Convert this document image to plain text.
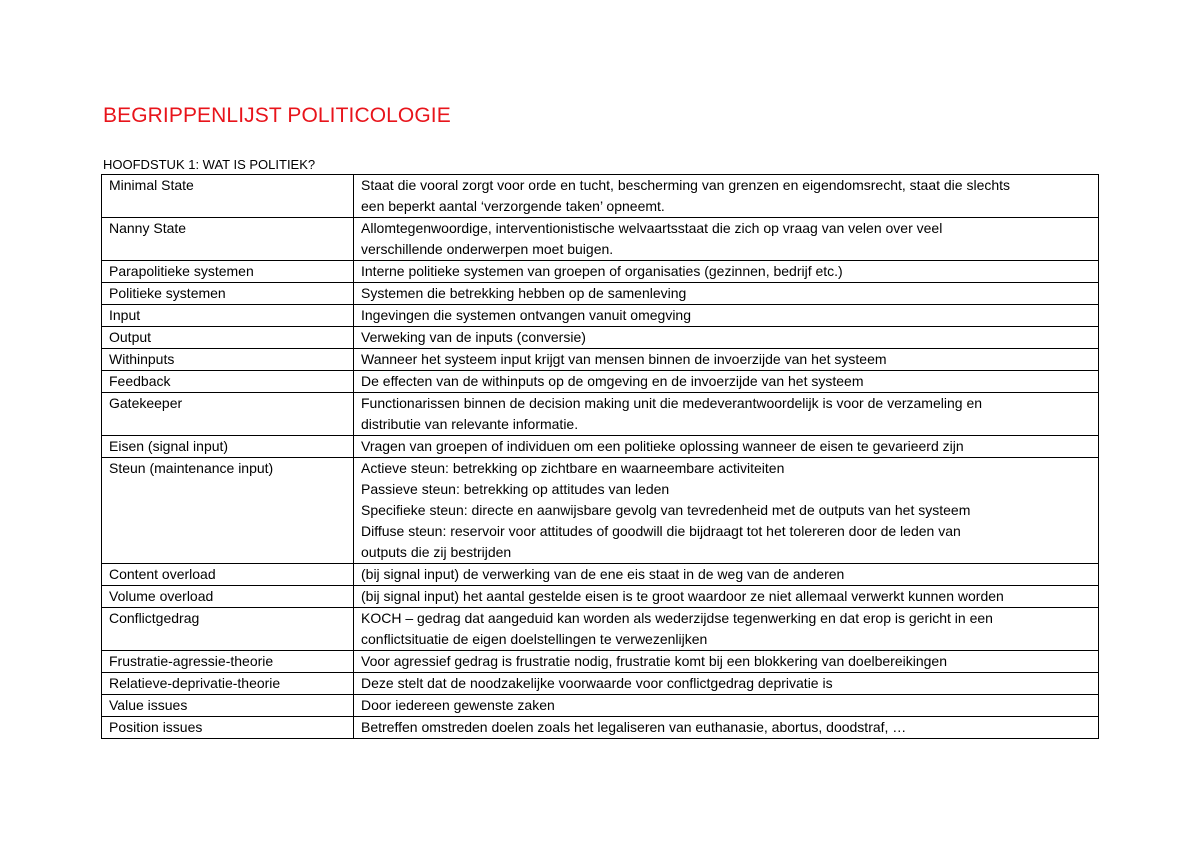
BEGRIPPENLIJST POLITICOLOGIE
HOOFDSTUK 1: WAT IS POLITIEK?
Minimal State	Staat die vooral zorgt voor orde en tucht, bescherming van grenzen en eigendomsrecht, staat die slechts
een beperkt aantal ‘verzorgende taken’ opneemt.

Nanny State	Allomtegenwoordige, interventionistische welvaartsstaat die zich op vraag van velen over veel
verschillende onderwerpen moet buigen.

Parapolitieke systemen	Interne politieke systemen van groepen of organisaties (gezinnen, bedrijf etc.)

Politieke systemen	Systemen die betrekking hebben op de samenleving

Input	Ingevingen die systemen ontvangen vanuit omegving

Output	Verweking van de inputs (conversie)

Withinputs	Wanneer het systeem input krijgt van mensen binnen de invoerzijde van het systeem

Feedback	De effecten van de withinputs op de omgeving en de invoerzijde van het systeem

Gatekeeper	Functionarissen binnen de decision making unit die medeverantwoordelijk is voor de verzameling en
distributie van relevante informatie.

Eisen (signal input)	Vragen van groepen of individuen om een politieke oplossing wanneer de eisen te gevarieerd zijn

Steun (maintenance input)	Actieve steun: betrekking op zichtbare en waarneembare activiteiten
Passieve steun: betrekking op attitudes van leden
Specifieke steun: directe en aanwijsbare gevolg van tevredenheid met de outputs van het systeem
Diffuse steun: reservoir voor attitudes of goodwill die bijdraagt tot het tolereren door de leden van
outputs die zij bestrijden

Content overload	(bij signal input) de verwerking van de ene eis staat in de weg van de anderen

Volume overload	(bij signal input) het aantal gestelde eisen is te groot waardoor ze niet allemaal verwerkt kunnen worden

Conflictgedrag	KOCH – gedrag dat aangeduid kan worden als wederzijdse tegenwerking en dat erop is gericht in een
conflictsituatie de eigen doelstellingen te verwezenlijken

Frustratie-agressie-theorie	Voor agressief gedrag is frustratie nodig, frustratie komt bij een blokkering van doelbereikingen

Relatieve-deprivatie-theorie	Deze stelt dat de noodzakelijke voorwaarde voor conflictgedrag deprivatie is

Value issues	Door iedereen gewenste zaken

Position issues	Betreffen omstreden doelen zoals het legaliseren van euthanasie, abortus, doodstraf, …
